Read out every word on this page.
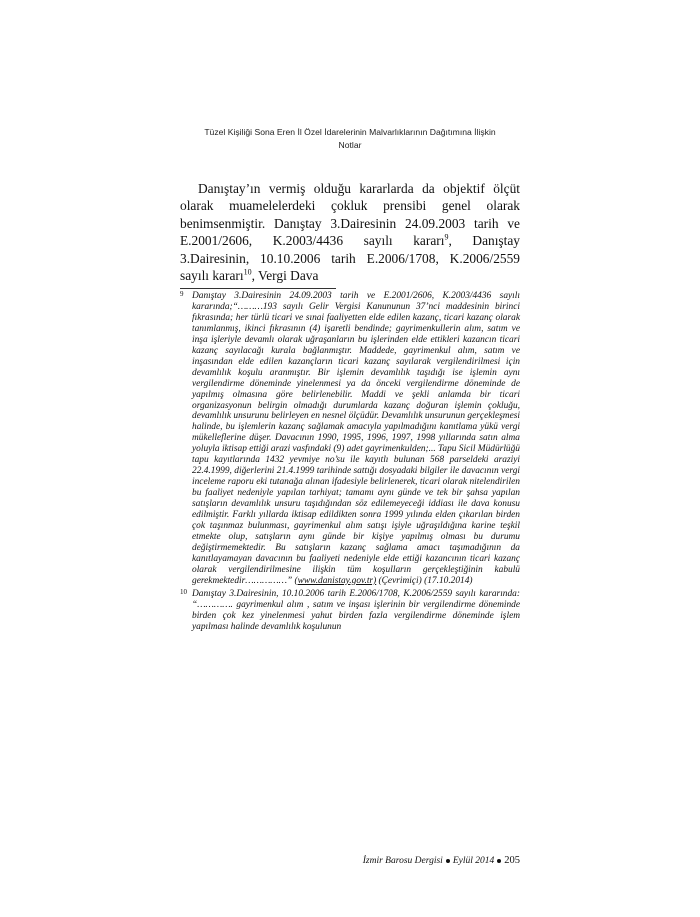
Tüzel Kişiliği Sona Eren İl Özel İdarelerinin Malvarlıklarının Dağıtımına İlişkin
Notlar

Danıştay’ın vermiş olduğu kararlarda da objektif ölçüt olarak muamelelerdeki çokluk prensibi genel olarak benimsenmiştir. Danıştay 3.Dairesinin 24.09.2003 tarih ve E.2001/2606, K.2003/4436 sayılı kararı$^9$, Danıştay 3.Dairesinin, 10.10.2006 tarih E.2006/1708, K.2006/2559 sayılı kararı$^{10}$, Vergi Dava

9 Danıştay 3.Dairesinin 24.09.2003 tarih ve E.2001/2606, K.2003/4436 sayılı kararında;“………193 sayılı Gelir Vergisi Kanununun 37’nci maddesinin birinci fıkrasında; her türlü ticari ve sınai faaliyetten elde edilen kazanç, ticari kazanç olarak tanımlanmış, ikinci fıkrasının (4) işaretli bendinde; gayrimenkullerin alım, satım ve inşa işleriyle devamlı olarak uğraşanların bu işlerinden elde ettikleri kazancın ticari kazanç sayılacağı kurala bağlanmıştır. Maddede, gayrimenkul alım, satım ve inşasından elde edilen kazançların ticari kazanç sayılarak vergilendirilmesi için devamlılık koşulu aranmıştır. Bir işlemin devamlılık taşıdığı ise işlemin aynı vergilendirme döneminde yinelenmesi ya da önceki vergilendirme döneminde de yapılmış olmasına göre belirlenebilir. Maddi ve şekli anlamda bir ticari organizasyonun belirgin olmadığı durumlarda kazanç doğuran işlemin çokluğu, devamlılık unsurunu belirleyen en nesnel ölçüdür. Devamlılık unsurunun gerçekleşmesi halinde, bu işlemlerin kazanç sağlamak amacıyla yapılmadığını kanıtlama yükü vergi mükelleflerine düşer. Davacının 1990, 1995, 1996, 1997, 1998 yıllarında satın alma yoluyla iktisap ettiği arazi vasfındaki (9) adet gayrimenkulden;... Tapu Sicil Müdürlüğü tapu kayıtlarında 1432 yevmiye no’su ile kayıtlı bulunan 568 parseldeki araziyi 22.4.1999, diğerlerini 21.4.1999 tarihinde sattığı dosyadaki bilgiler ile davacının vergi inceleme raporu eki tutanağa alınan ifadesiyle belirlenerek, ticari olarak nitelendirilen bu faaliyet nedeniyle yapılan tarhiyat; tamamı aynı günde ve tek bir şahsa yapılan satışların devamlılık unsuru taşıdığından söz edilemeyeceği iddiası ile dava konusu edilmiştir. Farklı yıllarda iktisap edildikten sonra 1999 yılında elden çıkarılan birden çok taşınmaz bulunması, gayrimenkul alım satışı işiyle uğraşıldığına karine teşkil etmekte olup, satışların aynı günde bir kişiye yapılmış olması bu durumu değiştirmemektedir. Bu satışların kazanç sağlama amacı taşımadığının da kanıtlayamayan davacının bu faaliyeti nedeniyle elde ettiği kazancının ticari kazanç olarak vergilendirilmesine ilişkin tüm koşulların gerçekleştiğinin kabulü gerekmektedir……………” (www.danistay.gov.tr) (Çevrimiçi) (17.10.2014)
10 Danıştay 3.Dairesinin, 10.10.2006 tarih E.2006/1708, K.2006/2559 sayılı kararında: “…………. gayrimenkul alım , satım ve inşası işlerinin bir vergilendirme döneminde birden çok kez yinelenmesi yahut birden fazla vergilendirme döneminde işlem yapılması halinde devamlılık koşulunun
İzmir Barosu Dergisi Eylül 2014 205
